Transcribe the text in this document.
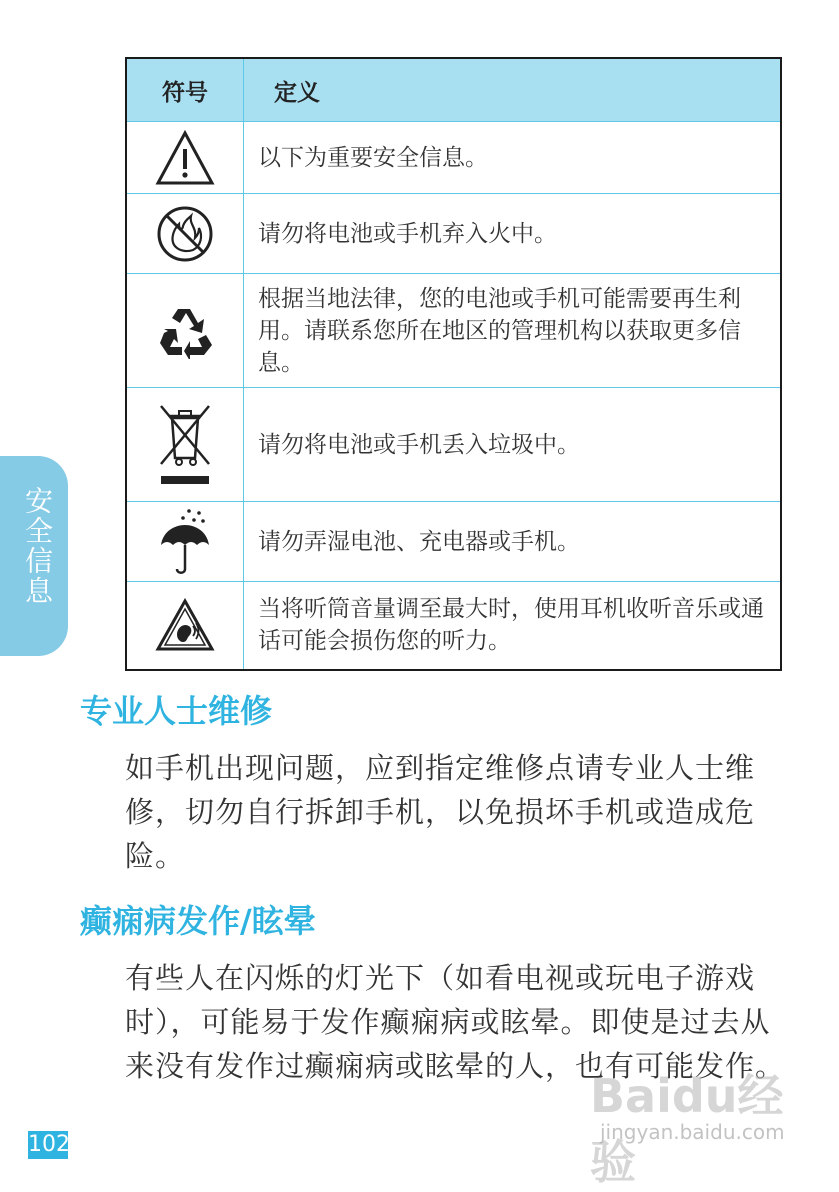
符号	定义

	以下为重要安全信息。

	请勿将电池或手机弃入火中。

	根据当地法律，您的电池或手机可能需要再生利用。请联系您所在地区的管理机构以获取更多信息。

	请勿将电池或手机丢入垃圾中。

	请勿弄湿电池、充电器或手机。

	当将听筒音量调至最大时，使用耳机收听音乐或通话可能会损伤您的听力。
安全信息
专业人士维修

如手机出现问题，应到指定维修点请专业人士维修，切勿自行拆卸手机，以免损坏手机或造成危险。

癫痫病发作/眩晕

有些人在闪烁的灯光下（如看电视或玩电子游戏时），可能易于发作癫痫病或眩晕。即使是过去从来没有发作过癫痫病或眩晕的人，也有可能发作。

102
Baidu经验
jingyan.baidu.com
